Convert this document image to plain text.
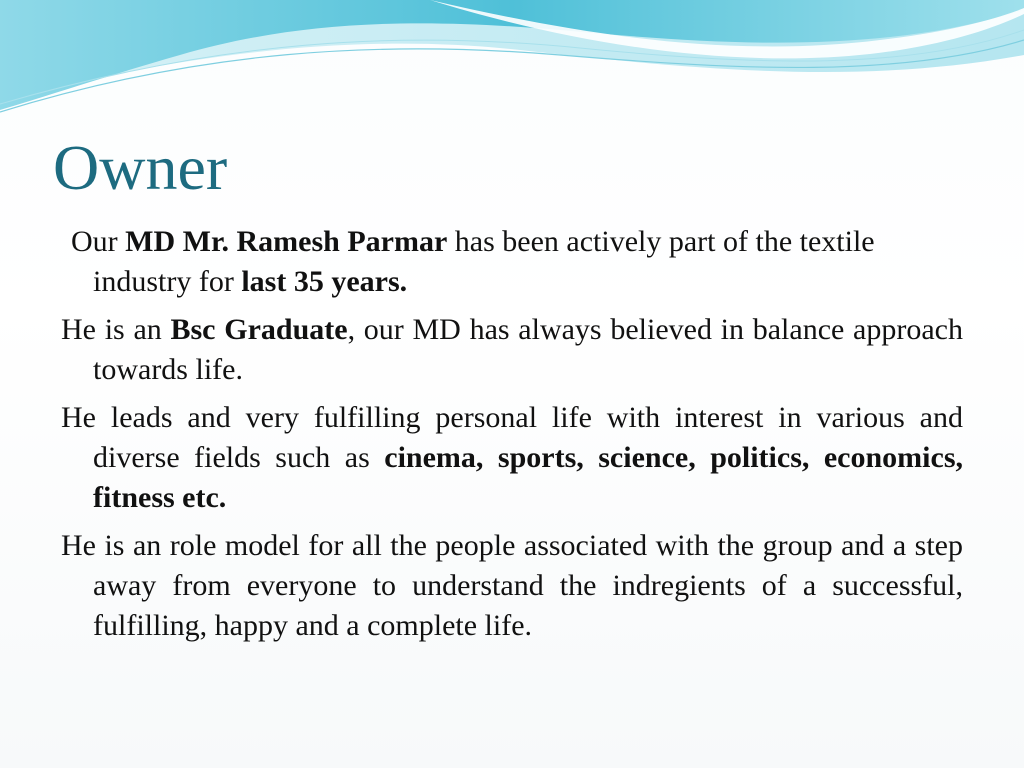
Owner

Our MD Mr. Ramesh Parmar has been actively part of the textile industry for last 35 years.

He is an Bsc Graduate, our MD has always believed in balance approach towards life.

He leads and very fulfilling personal life with interest in various and diverse fields such as cinema, sports, science, politics, economics, fitness etc.

He is an role model for all the people associated with the group and a step away from everyone to understand the indregients of a successful, fulfilling, happy and a complete life.
